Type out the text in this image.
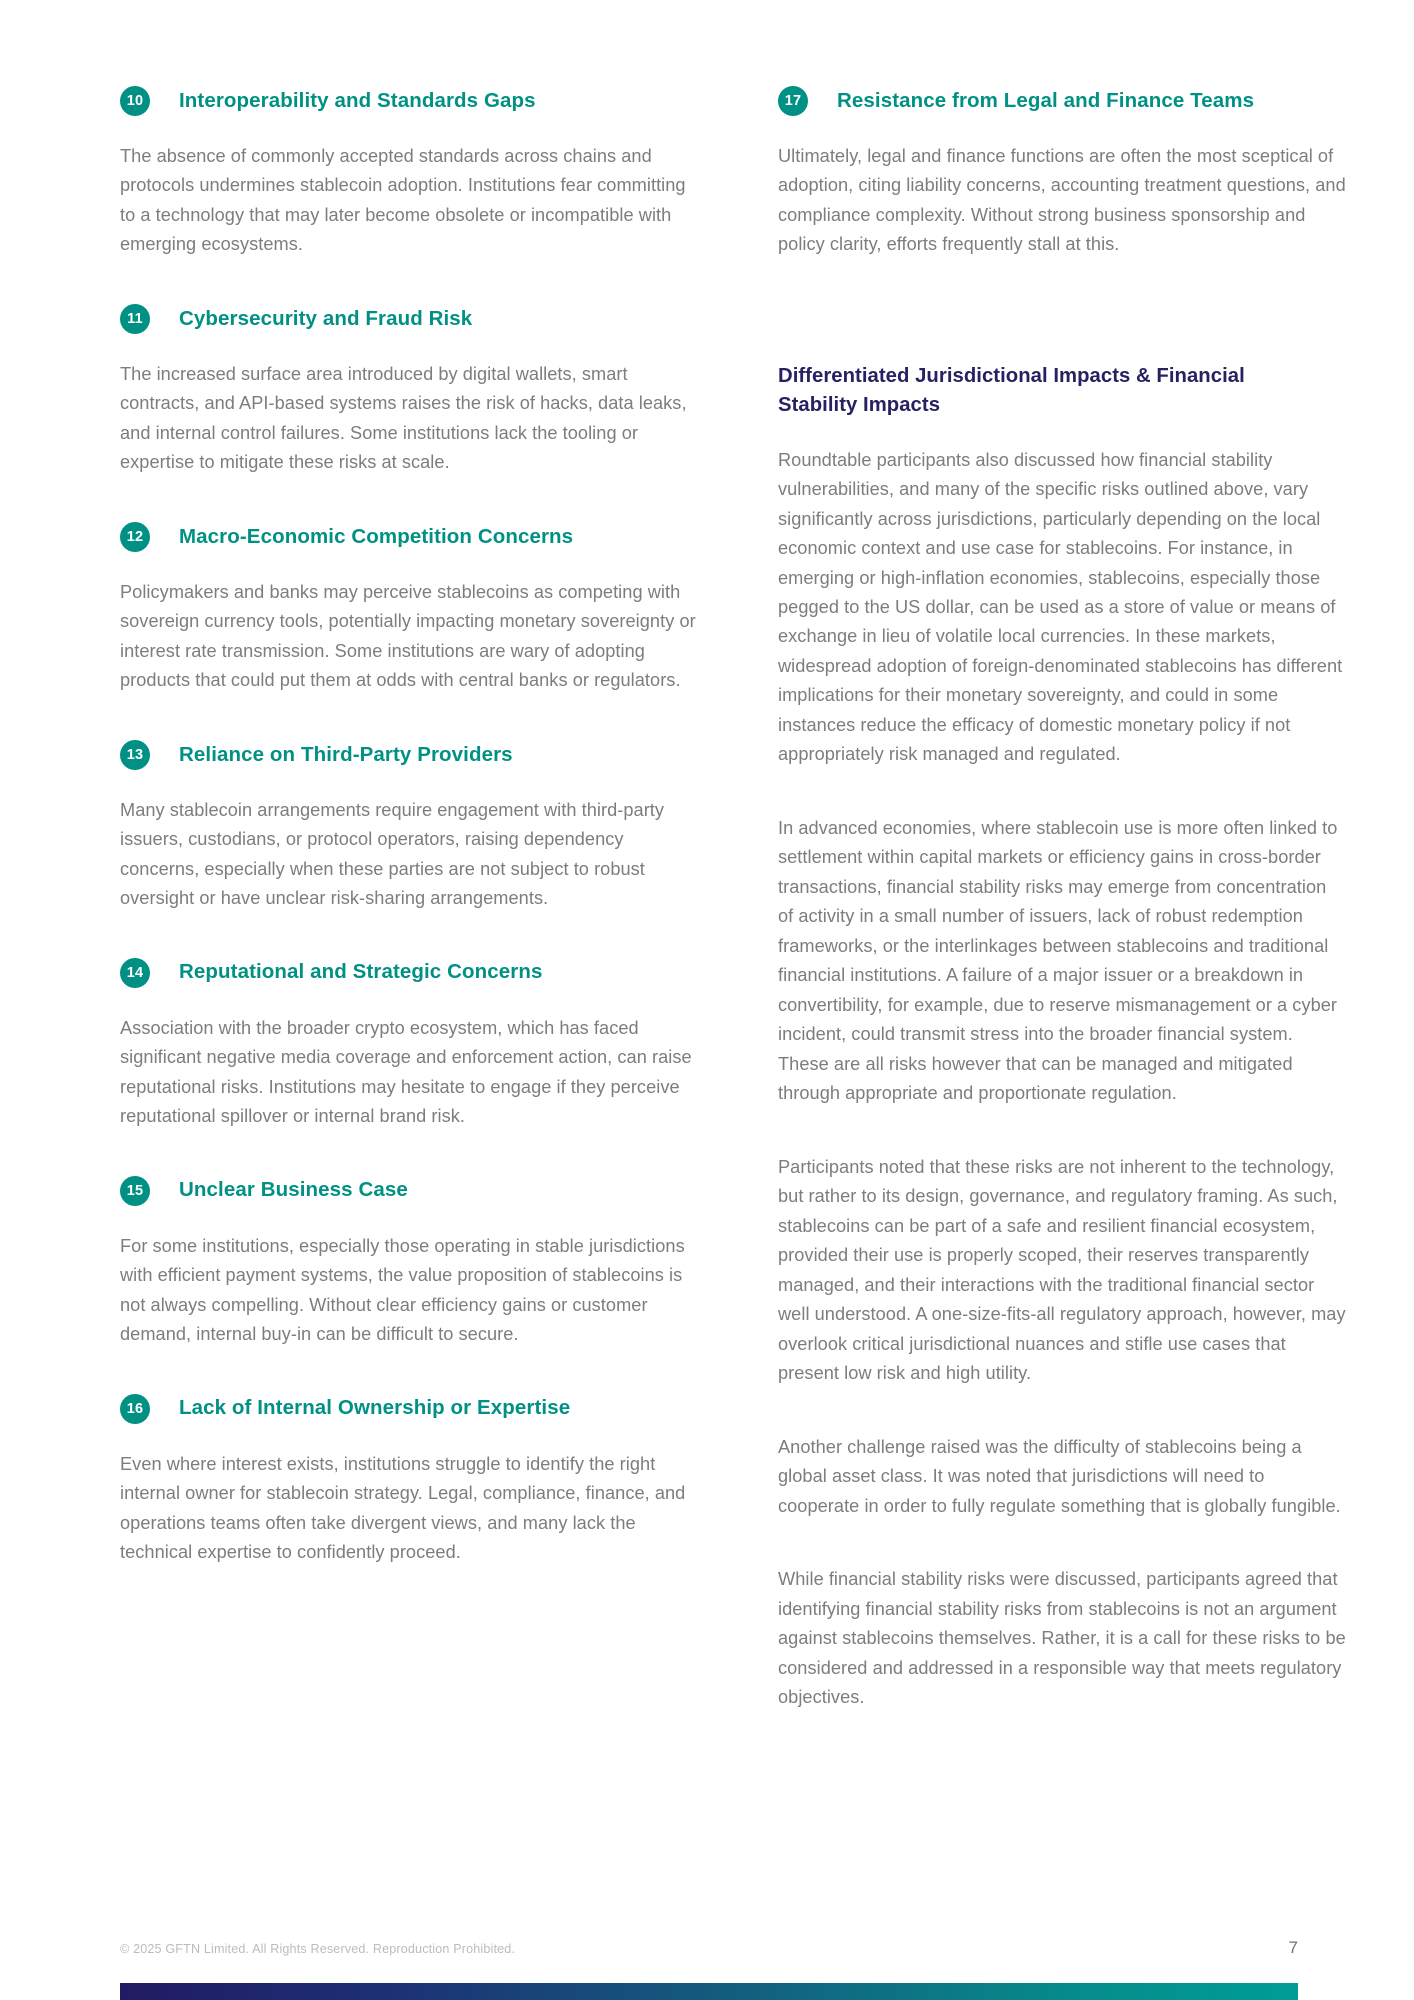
10	Interoperability and Standards Gaps

The absence of commonly accepted standards across chains and protocols undermines stablecoin adoption. Institutions fear committing to a technology that may later become obsolete or incompatible with emerging ecosystems.

11	Cybersecurity and Fraud Risk

The increased surface area introduced by digital wallets, smart contracts, and API-based systems raises the risk of hacks, data leaks, and internal control failures. Some institutions lack the tooling or expertise to mitigate these risks at scale.

12	Macro-Economic Competition Concerns

Policymakers and banks may perceive stablecoins as competing with sovereign currency tools, potentially impacting monetary sovereignty or interest rate transmission. Some institutions are wary of adopting products that could put them at odds with central banks or regulators.

13	Reliance on Third-Party Providers

Many stablecoin arrangements require engagement with third-party issuers, custodians, or protocol operators, raising dependency concerns, especially when these parties are not subject to robust oversight or have unclear risk-sharing arrangements.

14	Reputational and Strategic Concerns

Association with the broader crypto ecosystem, which has faced significant negative media coverage and enforcement action, can raise reputational risks. Institutions may hesitate to engage if they perceive reputational spillover or internal brand risk.

15	Unclear Business Case

For some institutions, especially those operating in stable jurisdictions with efficient payment systems, the value proposition of stablecoins is not always compelling. Without clear efficiency gains or customer demand, internal buy-in can be difficult to secure.

16	Lack of Internal Ownership or Expertise

Even where interest exists, institutions struggle to identify the right internal owner for stablecoin strategy. Legal, compliance, finance, and operations teams often take divergent views, and many lack the technical expertise to confidently proceed.

17	Resistance from Legal and Finance Teams

Ultimately, legal and finance functions are often the most sceptical of adoption, citing liability concerns, accounting treatment questions, and compliance complexity. Without strong business sponsorship and policy clarity, efforts frequently stall at this.

Differentiated Jurisdictional Impacts & Financial Stability Impacts

Roundtable participants also discussed how financial stability vulnerabilities, and many of the specific risks outlined above, vary significantly across jurisdictions, particularly depending on the local economic context and use case for stablecoins. For instance, in emerging or high-inflation economies, stablecoins, especially those pegged to the US dollar, can be used as a store of value or means of exchange in lieu of volatile local currencies. In these markets, widespread adoption of foreign-denominated stablecoins has different implications for their monetary sovereignty, and could in some instances reduce the efficacy of domestic monetary policy if not appropriately risk managed and regulated.

In advanced economies, where stablecoin use is more often linked to settlement within capital markets or efficiency gains in cross-border transactions, financial stability risks may emerge from concentration of activity in a small number of issuers, lack of robust redemption frameworks, or the interlinkages between stablecoins and traditional financial institutions. A failure of a major issuer or a breakdown in convertibility, for example, due to reserve mismanagement or a cyber incident, could transmit stress into the broader financial system. These are all risks however that can be managed and mitigated through appropriate and proportionate regulation.

Participants noted that these risks are not inherent to the technology, but rather to its design, governance, and regulatory framing. As such, stablecoins can be part of a safe and resilient financial ecosystem, provided their use is properly scoped, their reserves transparently managed, and their interactions with the traditional financial sector well understood. A one-size-fits-all regulatory approach, however, may overlook critical jurisdictional nuances and stifle use cases that present low risk and high utility.

Another challenge raised was the difficulty of stablecoins being a global asset class. It was noted that jurisdictions will need to cooperate in order to fully regulate something that is globally fungible.

While financial stability risks were discussed, participants agreed that identifying financial stability risks from stablecoins is not an argument against stablecoins themselves. Rather, it is a call for these risks to be considered and addressed in a responsible way that meets regulatory objectives.

© 2025 GFTN Limited. All Rights Reserved. Reproduction Prohibited.	7
